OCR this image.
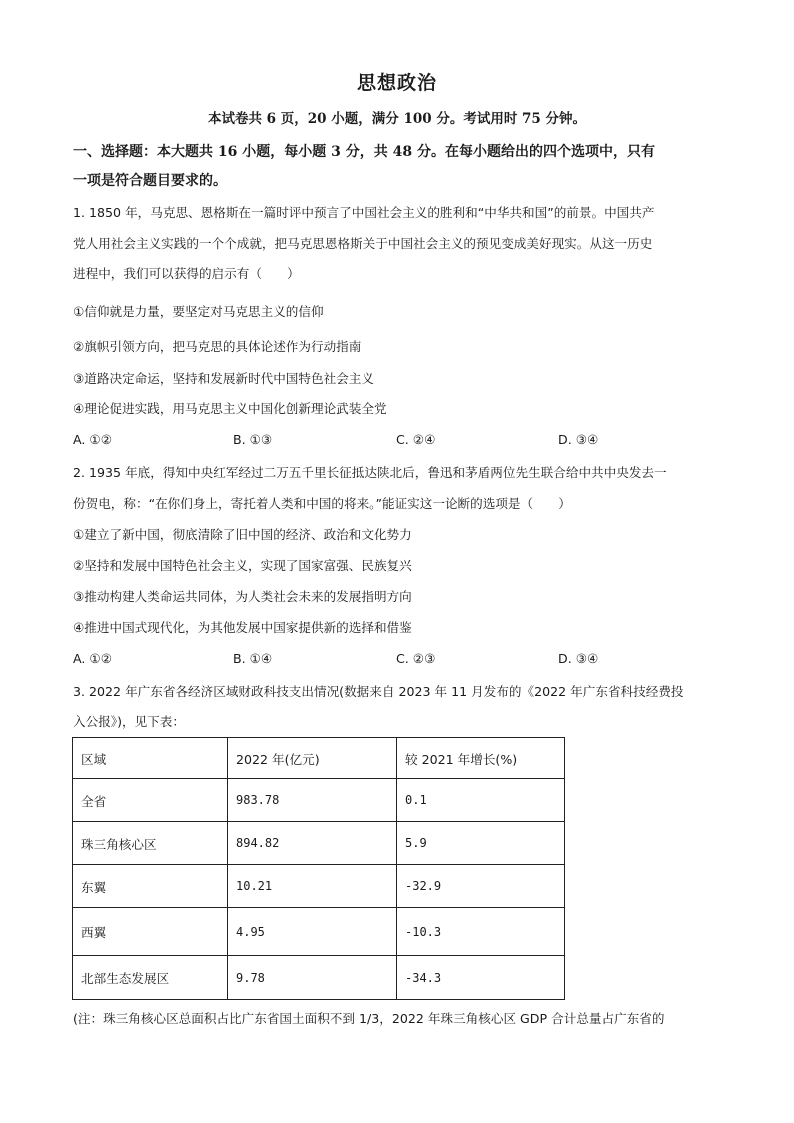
思想政治
本试卷共 6 页，20 小题，满分 100 分。考试用时 75 分钟。
一、选择题：本大题共 16 小题，每小题 3 分，共 48 分。在每小题给出的四个选项中，只有
一项是符合题目要求的。
1. 1850 年，马克思、恩格斯在一篇时评中预言了中国社会主义的胜利和“中华共和国”的前景。中国共产
党人用社会主义实践的一个个成就，把马克思恩格斯关于中国社会主义的预见变成美好现实。从这一历史
进程中，我们可以获得的启示有（　　）
①信仰就是力量，要坚定对马克思主义的信仰
②旗帜引领方向，把马克思的具体论述作为行动指南
③道路决定命运，坚持和发展新时代中国特色社会主义
④理论促进实践，用马克思主义中国化创新理论武装全党
A. ①②	B. ①③	C. ②④	D. ③④
2. 1935 年底，得知中央红军经过二万五千里长征抵达陕北后，鲁迅和茅盾两位先生联合给中共中央发去一
份贺电，称：“在你们身上，寄托着人类和中国的将来。”能证实这一论断的选项是（　　）
①建立了新中国，彻底清除了旧中国的经济、政治和文化势力
②坚持和发展中国特色社会主义，实现了国家富强、民族复兴
③推动构建人类命运共同体，为人类社会未来的发展指明方向
④推进中国式现代化，为其他发展中国家提供新的选择和借鉴
A. ①②	B. ①④	C. ②③	D. ③④
3. 2022 年广东省各经济区域财政科技支出情况(数据来自 2023 年 11 月发布的《2022 年广东省科技经费投
入公报》)，见下表：
区域	2022 年(亿元)	较 2021 年增长(%)
全省	983.78	0.1
珠三角核心区	894.82	5.9
东翼	10.21	-32.9
西翼	4.95	-10.3
北部生态发展区	9.78	-34.3
(注：珠三角核心区总面积占比广东省国土面积不到 1/3，2022 年珠三角核心区 GDP 合计总量占广东省的
